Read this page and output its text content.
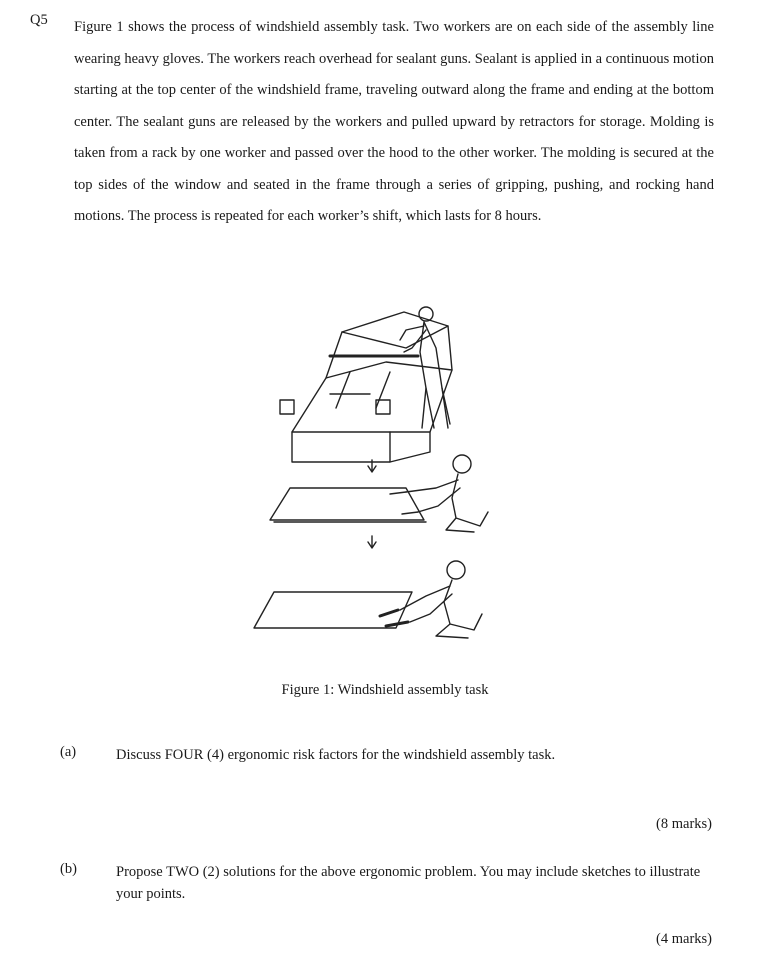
Q5 Figure 1 shows the process of windshield assembly task. Two workers are on each side of the assembly line wearing heavy gloves. The workers reach overhead for sealant guns. Sealant is applied in a continuous motion starting at the top center of the windshield frame, traveling outward along the frame and ending at the bottom center. The sealant guns are released by the workers and pulled upward by retractors for storage. Molding is taken from a rack by one worker and passed over the hood to the other worker. The molding is secured at the top sides of the window and seated in the frame through a series of gripping, pushing, and rocking hand motions. The process is repeated for each worker’s shift, which lasts for 8 hours.

Figure 1: Windshield assembly task
(a)	Discuss FOUR (4) ergonomic risk factors for the windshield assembly task.

(8 marks)
(b)	Propose TWO (2) solutions for the above ergonomic problem. You may include sketches to illustrate your points.

(4 marks)
